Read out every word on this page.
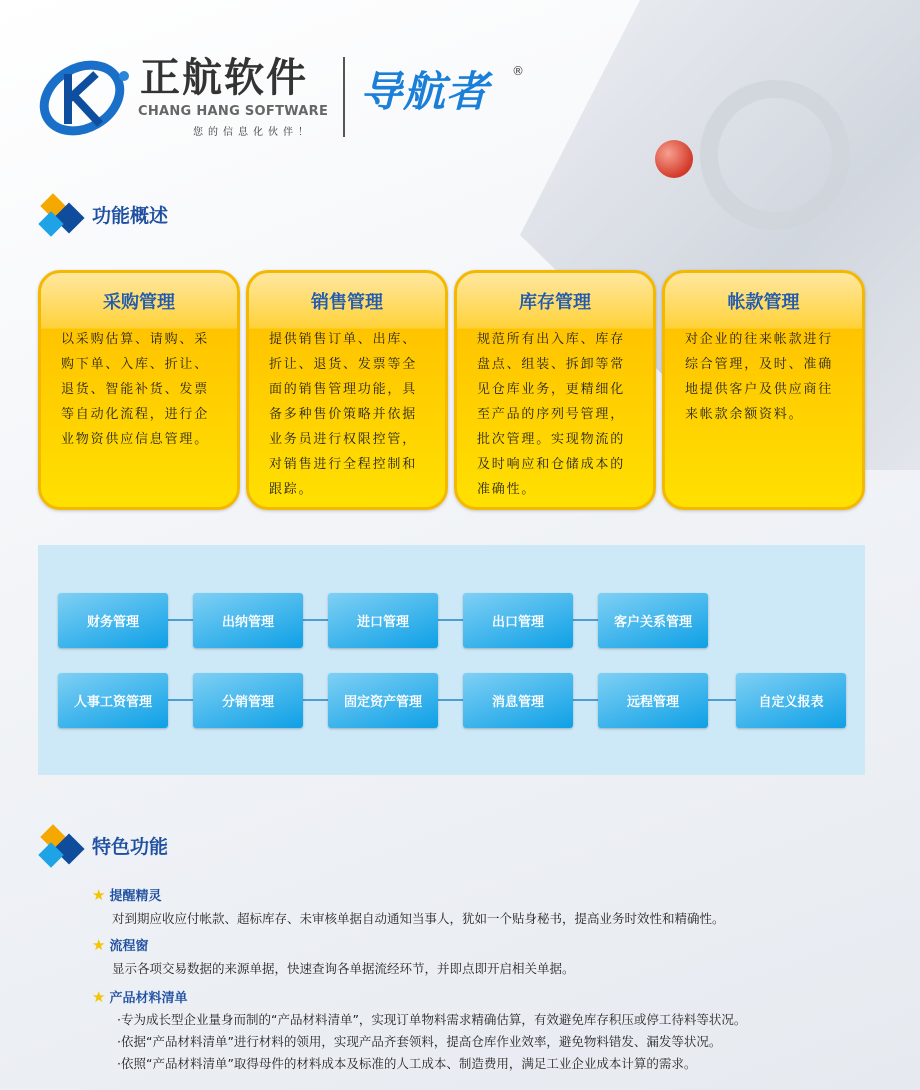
正航软件
CHANG HANG SOFTWARE
您的信息化伙伴！
导航者 ®
功能概述
采购管理

以采购估算、请购、采购下单、入库、折让、退货、智能补货、发票等自动化流程，进行企业物资供应信息管理。

销售管理

提供销售订单、出库、折让、退货、发票等全面的销售管理功能，具备多种售价策略并依据业务员进行权限控管，对销售进行全程控制和跟踪。

库存管理

规范所有出入库、库存盘点、组装、拆卸等常见仓库业务，更精细化至产品的序列号管理，批次管理。实现物流的及时响应和仓储成本的准确性。

帐款管理

对企业的往来帐款进行综合管理，及时、准确地提供客户及供应商往来帐款余额资料。

财务管理	出纳管理	进口管理	出口管理	客户关系管理
人事工资管理	分销管理	固定资产管理	消息管理	远程管理	自定义报表
特色功能
★ 提醒精灵
对到期应收应付帐款、超标库存、未审核单据自动通知当事人，犹如一个贴身秘书，提高业务时效性和精确性。
★ 流程窗
显示各项交易数据的来源单据，快速查询各单据流经环节，并即点即开启相关单据。
★ 产品材料清单
·专为成长型企业量身而制的“产品材料清单”，实现订单物料需求精确估算，有效避免库存积压或停工待料等状况。
·依据“产品材料清单”进行材料的领用，实现产品齐套领料，提高仓库作业效率，避免物料错发、漏发等状况。
·依照“产品材料清单”取得母件的材料成本及标准的人工成本、制造费用，满足工业企业成本计算的需求。
